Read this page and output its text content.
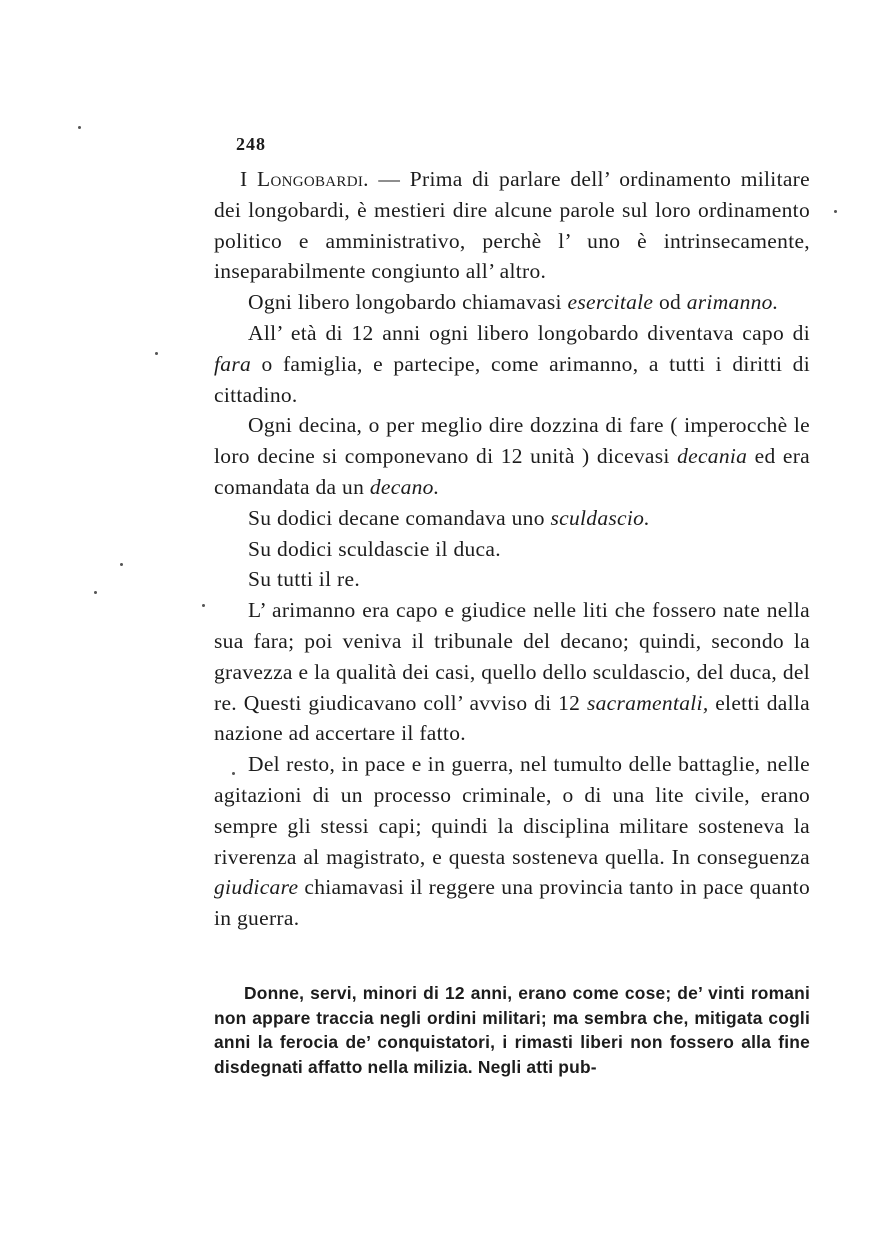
248

I Longobardi. — Prima di parlare dell’ ordinamento militare dei longobardi, è mestieri dire alcune parole sul loro ordinamento politico e amministrativo, perchè l’ uno è intrinsecamente, inseparabilmente congiunto all’ altro.

Ogni libero longobardo chiamavasi esercitale od arimanno.

All’ età di 12 anni ogni libero longobardo diventava capo di fara o famiglia, e partecipe, come arimanno, a tutti i diritti di cittadino.

Ogni decina, o per meglio dire dozzina di fare ( imperocchè le loro decine si componevano di 12 unità ) dicevasi decania ed era comandata da un decano.

Su dodici decane comandava uno sculdascio.

Su dodici sculdascie il duca.

Su tutti il re.

L’ arimanno era capo e giudice nelle liti che fossero nate nella sua fara; poi veniva il tribunale del decano; quindi, secondo la gravezza e la qualità dei casi, quello dello sculdascio, del duca, del re. Questi giudicavano coll’ avviso di 12 sacramentali, eletti dalla nazione ad accertare il fatto.

Del resto, in pace e in guerra, nel tumulto delle battaglie, nelle agitazioni di un processo criminale, o di una lite civile, erano sempre gli stessi capi; quindi la disciplina militare sosteneva la riverenza al magistrato, e questa sosteneva quella. In conseguenza giudicare chiamavasi il reggere una provincia tanto in pace quanto in guerra.

Donne, servi, minori di 12 anni, erano come cose; de’ vinti romani non appare traccia negli ordini militari; ma sembra che, mitigata cogli anni la ferocia de’ conquistatori, i rimasti liberi non fossero alla fine disdegnati affatto nella milizia. Negli atti pub-
